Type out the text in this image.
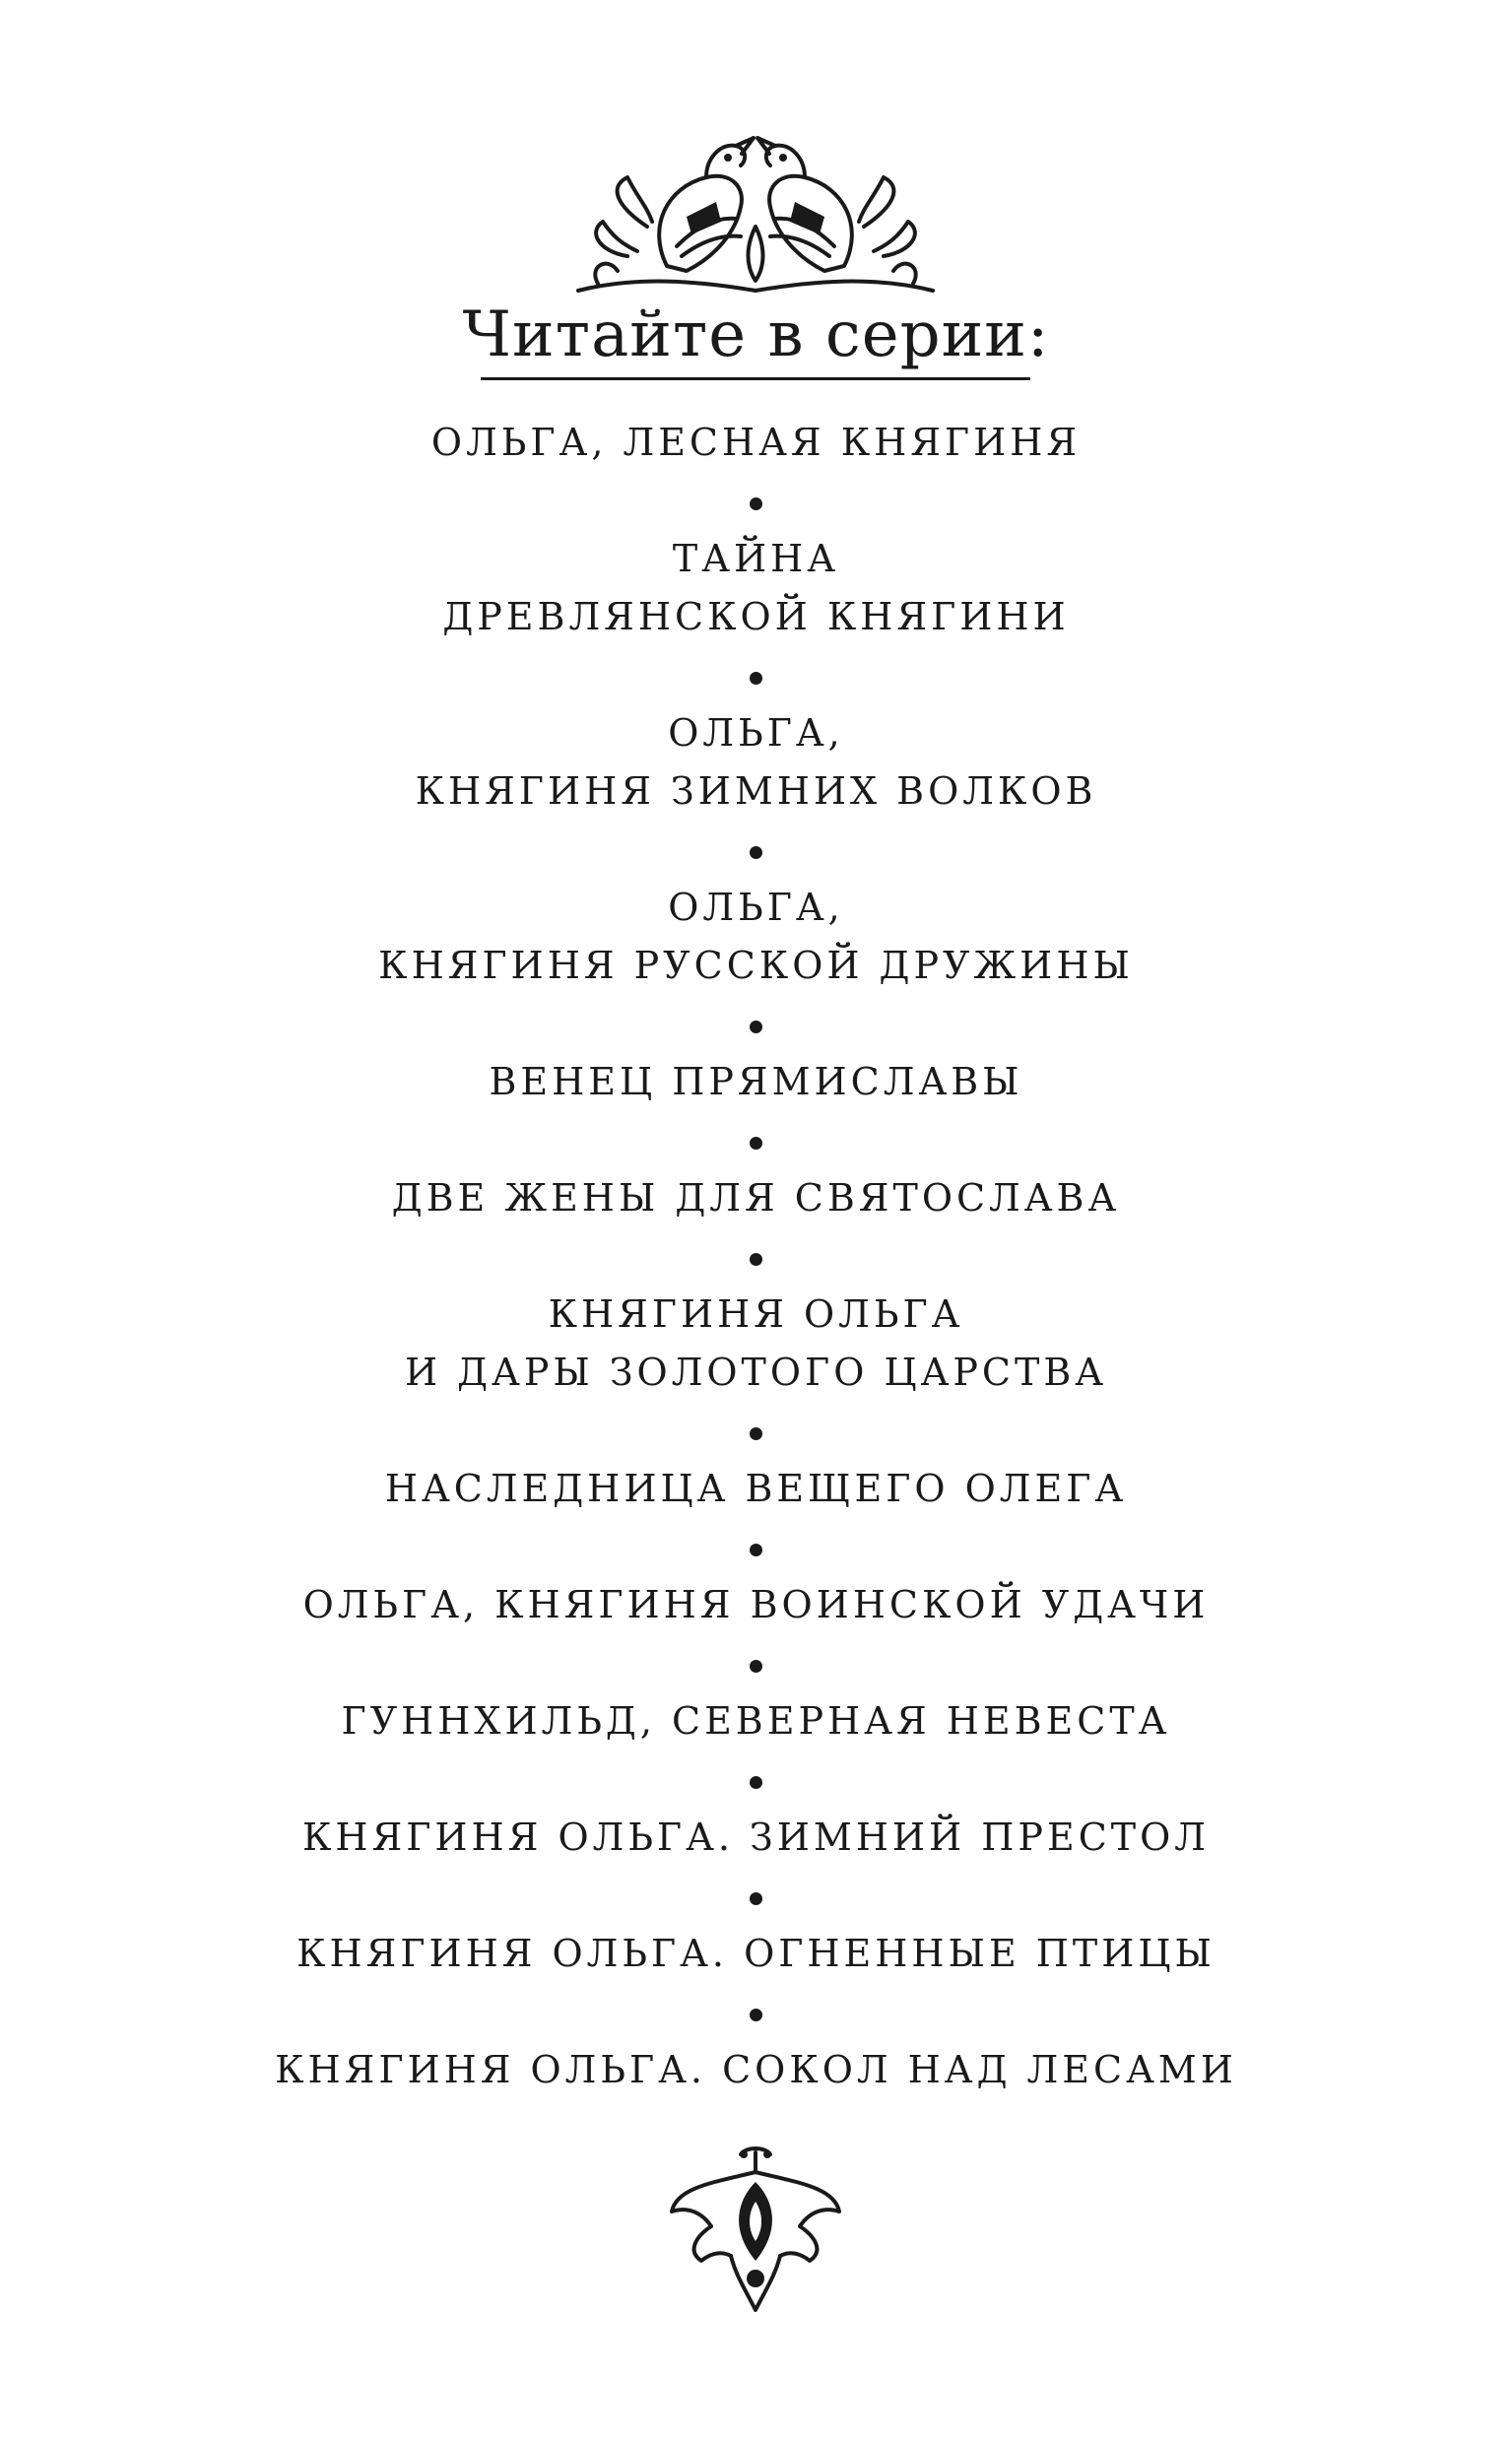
Читайте в серии:
ОЛЬГА, ЛЕСНАЯ КНЯГИНЯ
ТАЙНА
ДРЕВЛЯНСКОЙ КНЯГИНИ
ОЛЬГА,
КНЯГИНЯ ЗИМНИХ ВОЛКОВ
ОЛЬГА,
КНЯГИНЯ РУССКОЙ ДРУЖИНЫ
ВЕНЕЦ ПРЯМИСЛАВЫ
ДВЕ ЖЕНЫ ДЛЯ СВЯТОСЛАВА
КНЯГИНЯ ОЛЬГА
И ДАРЫ ЗОЛОТОГО ЦАРСТВА
НАСЛЕДНИЦА ВЕЩЕГО ОЛЕГА
ОЛЬГА, КНЯГИНЯ ВОИНСКОЙ УДАЧИ
ГУННХИЛЬД, СЕВЕРНАЯ НЕВЕСТА
КНЯГИНЯ ОЛЬГА. ЗИМНИЙ ПРЕСТОЛ
КНЯГИНЯ ОЛЬГА. ОГНЕННЫЕ ПТИЦЫ
КНЯГИНЯ ОЛЬГА. СОКОЛ НАД ЛЕСАМИ
